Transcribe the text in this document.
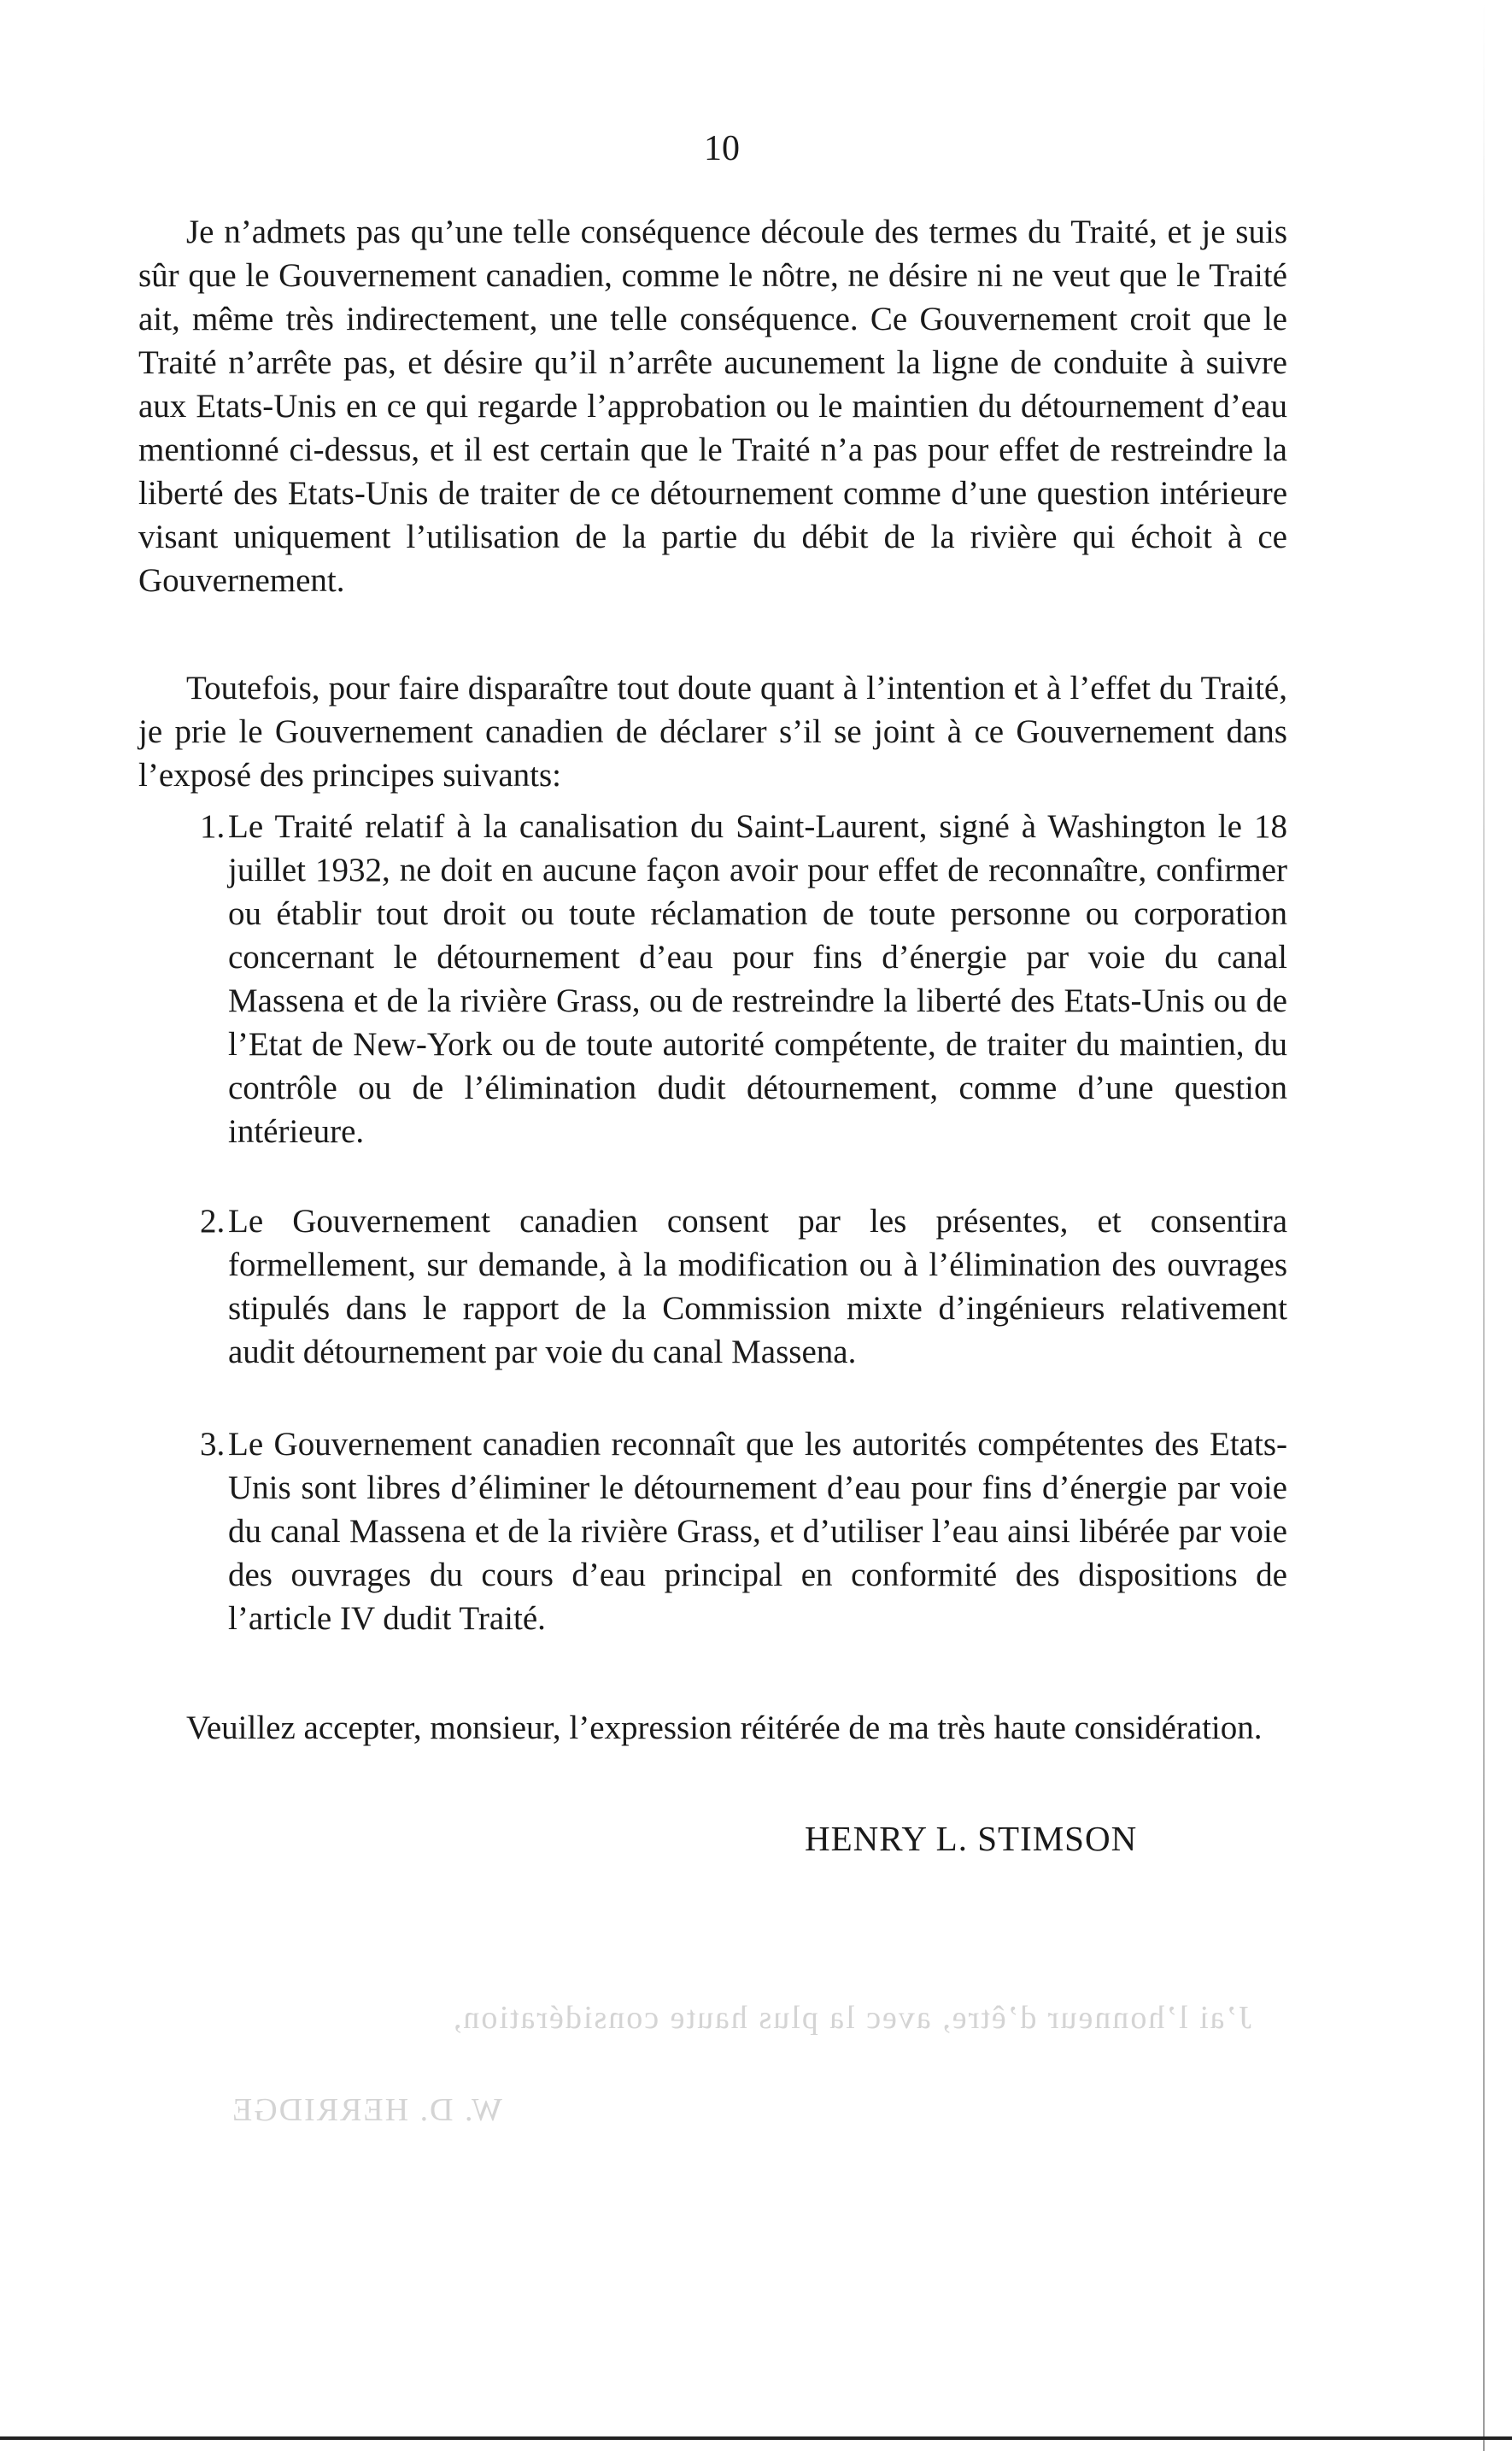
10

Je n’admets pas qu’une telle conséquence découle des termes du Traité, et je suis sûr que le Gouvernement canadien, comme le nôtre, ne désire ni ne veut que le Traité ait, même très indirectement, une telle conséquence. Ce Gouvernement croit que le Traité n’arrête pas, et désire qu’il n’arrête aucunement la ligne de conduite à suivre aux Etats-Unis en ce qui regarde l’approbation ou le maintien du détournement d’eau mentionné ci-dessus, et il est certain que le Traité n’a pas pour effet de restreindre la liberté des Etats-Unis de traiter de ce détournement comme d’une question intérieure visant uniquement l’utilisation de la partie du débit de la rivière qui échoit à ce Gouvernement.

Toutefois, pour faire disparaître tout doute quant à l’intention et à l’effet du Traité, je prie le Gouvernement canadien de déclarer s’il se joint à ce Gouvernement dans l’exposé des principes suivants:

1. Le Traité relatif à la canalisation du Saint-Laurent, signé à Washington le 18 juillet 1932, ne doit en aucune façon avoir pour effet de reconnaître, confirmer ou établir tout droit ou toute réclamation de toute personne ou corporation concernant le détournement d’eau pour fins d’énergie par voie du canal Massena et de la rivière Grass, ou de restreindre la liberté des Etats-Unis ou de l’Etat de New-York ou de toute autorité compétente, de traiter du maintien, du contrôle ou de l’élimination dudit détournement, comme d’une question intérieure.
2. Le Gouvernement canadien consent par les présentes, et consentira formellement, sur demande, à la modification ou à l’élimination des ouvrages stipulés dans le rapport de la Commission mixte d’ingénieurs relativement audit détournement par voie du canal Massena.
3. Le Gouvernement canadien reconnaît que les autorités compétentes des Etats-Unis sont libres d’éliminer le détournement d’eau pour fins d’énergie par voie du canal Massena et de la rivière Grass, et d’utiliser l’eau ainsi libérée par voie des ouvrages du cours d’eau principal en conformité des dispositions de l’article IV dudit Traité.

Veuillez accepter, monsieur, l’expression réitérée de ma très haute considération.

HENRY L. STIMSON
J’ai l’honneur d’être, avec la plus haute considération,
W. D. HERRIDGE
